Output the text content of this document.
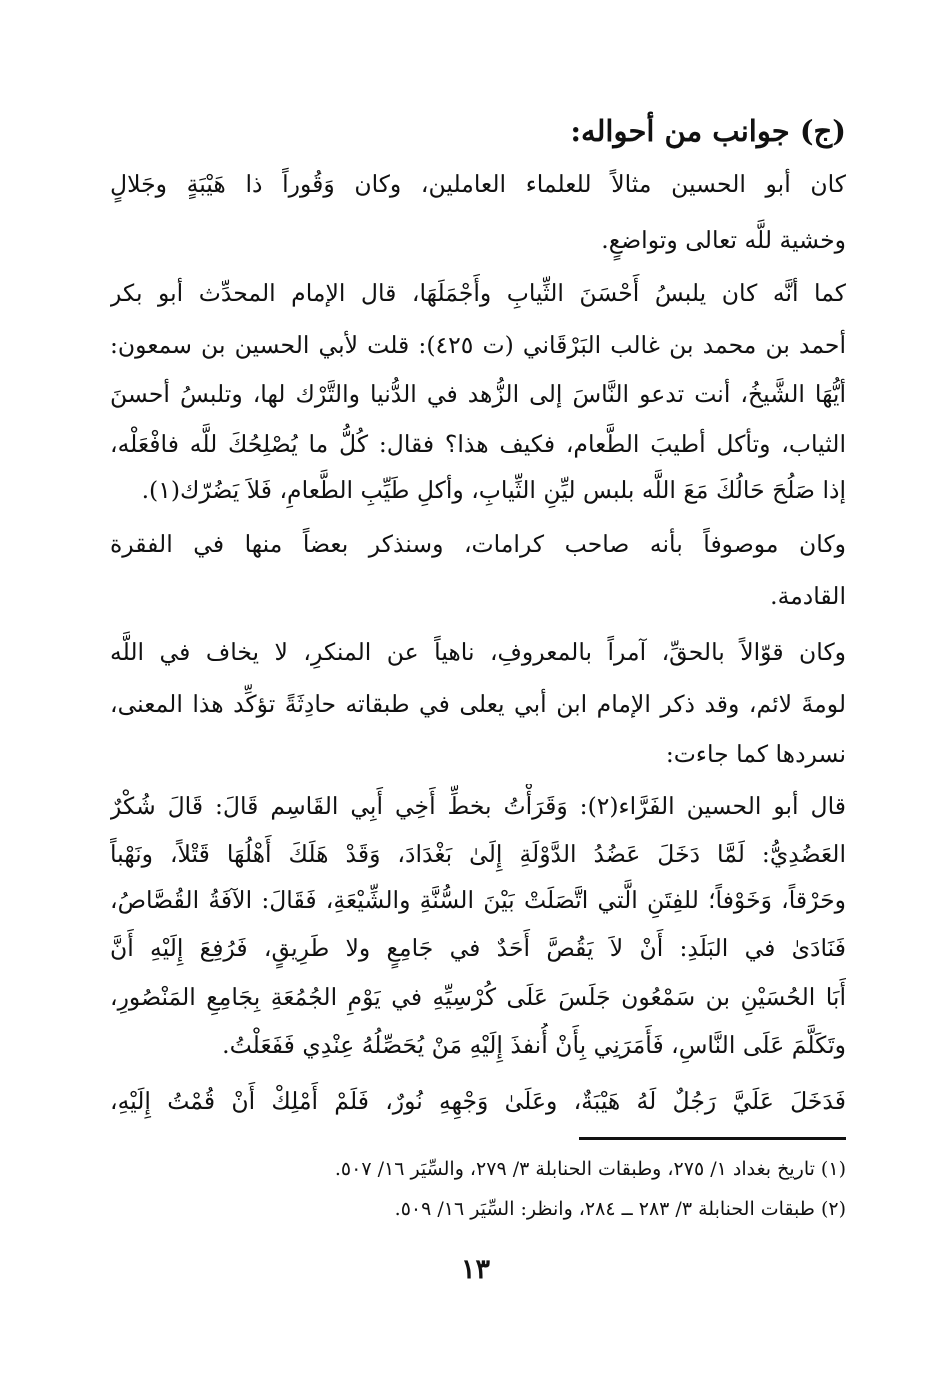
(ج) جوانب من أحواله:
كان أبو الحسين مثالاً للعلماء العاملين، وكان وَقُوراً ذا هَيْبَةٍ وجَلالٍ
وخشية للَّه تعالى وتواضعٍ.
كما أنَّه كان يلبسُ أَحْسَنَ الثِّيابِ وأَجْمَلَهَا، قال الإمام المحدِّث أبو بكر
أحمد بن محمد بن غالب البَرْقَاني (ت ٤٢٥): قلت لأبي الحسين بن سمعون:
أيُّهَا الشَّيخُ، أنت تدعو النَّاسَ إلى الزُّهد في الدُّنيا والتَّرْك لها، وتلبسُ أحسنَ
الثياب، وتأكل أطيبَ الطَّعام، فكيف هذا؟ فقال: كُلُّ ما يُصْلِحُكَ للَّه فافْعَلْه،
إذا صَلُحَ حَالُكَ مَعَ اللَّه بلبس ليِّنِ الثِّيابِ، وأكلِ طَيِّبِ الطَّعامِ، فَلاَ يَضُرّك(١).
وكان موصوفاً بأنه صاحب كرامات، وسنذكر بعضاً منها في الفقرة
القادمة.
وكان قوّالاً بالحقِّ، آمراً بالمعروفِ، ناهياً عن المنكرِ، لا يخاف في اللَّه
لومةَ لائم، وقد ذكر الإمام ابن أبي يعلى في طبقاته حادِثَةً تؤكِّد هذا المعنى،
نسردها كما جاءت:
قال أبو الحسين الفَرَّاء(٢): وَقَرَأْتُ بخطِّ أَخِي أَبِي القَاسِم قَالَ: قَالَ شُكْرٌ
العَضُدِيُّ: لَمَّا دَخَلَ عَضُدُ الدَّوْلَةِ إِلَىٰ بَغْدَادَ، وَقَدْ هَلَكَ أَهْلُهَا قَتْلاً، ونَهْباً
وحَرْقاً، وَخَوْفاً؛ للفِتَنِ الَّتي اتَّصَلَتْ بَيْنَ السُّنَّةِ والشِّيْعَةِ، فَقَالَ: الآفَةُ القُصَّاصُ،
فَنَادَىٰ في البَلَدِ: أَنْ لاَ يَقُصَّ أَحَدٌ في جَامِعٍ ولا طَرِيقٍ، فَرُفِعَ إِلَيْهِ أَنَّ
أَبَا الحُسَيْنِ بن سَمْعُون جَلَسَ عَلَى كُرْسِيِّهِ في يَوْمِ الجُمُعَةِ بِجَامِعِ المَنْصُورِ،
وتَكَلَّمَ عَلَى النَّاسِ، فَأَمَرَنِي بِأَنْ أُنفذَ إِلَيْهِ مَنْ يُحَصِّلُهُ عِنْدِي فَفَعَلْتُ.
فَدَخَلَ عَلَيَّ رَجُلٌ لَهُ هَيْبَةٌ، وعَلَىٰ وَجْهِهِ نُورٌ، فَلَمْ أَمْلِكْ أَنْ قُمْتُ إِلَيْهِ،
(١) تاريخ بغداد ١/ ٢٧٥، وطبقات الحنابلة ٣/ ٢٧٩، والسِّيَر ١٦/ ٥٠٧.
(٢) طبقات الحنابلة ٣/ ٢٨٣ ــ ٢٨٤، وانظر: السِّيَر ١٦/ ٥٠٩.
١٣
